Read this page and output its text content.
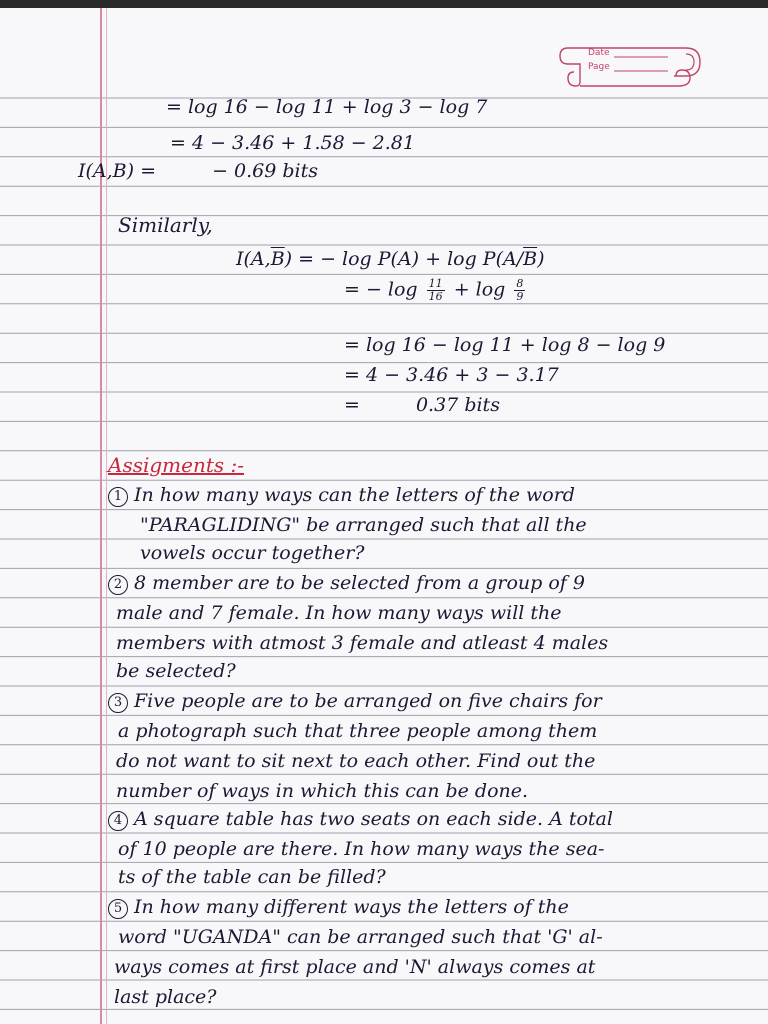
Date
Page
= log 16 − log 11 + log 3 − log 7
= 4 − 3.46 + 1.58 − 2.81
I(A,B) =	− 0.69 bits
Similarly,
$I(A,\overline{B})$ = − $\log P(A) + \log P(A/\overline{B})$
= − $\log \frac{11}{16} + \log \frac{8}{9}$
= log 16 − log 11 + log 8 − log 9
= 4 − 3.46 + 3 − 3.17
=	0.37 bits
Assigments :-
1 In how many ways can the letters of the word
"PARAGLIDING" be arranged such that all the
vowels occur together?
2 8 member are to be selected from a group of 9
male and 7 female. In how many ways will the
members with atmost 3 female and atleast 4 males
be selected?
3 Five people are to be arranged on five chairs for
a photograph such that three people among them
do not want to sit next to each other. Find out the
number of ways in which this can be done.
4 A square table has two seats on each side. A total
of 10 people are there. In how many ways the sea-
ts of the table can be filled?
5 In how many different ways the letters of the
word "UGANDA" can be arranged such that 'G' al-
ways comes at first place and 'N' always comes at
last place?
